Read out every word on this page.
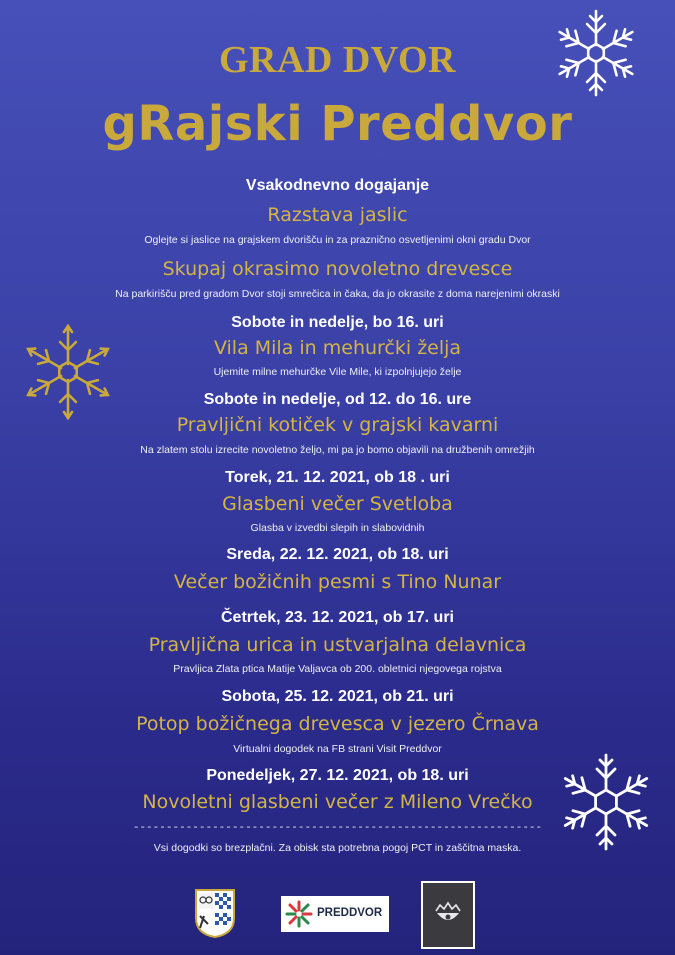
GRAD DVOR
gRajski Preddvor
Vsakodnevno dogajanje
Razstava jaslic
Oglejte si jaslice na grajskem dvorišču in za praznično osvetljenimi okni gradu Dvor
Skupaj okrasimo novoletno drevesce
Na parkirišču pred gradom Dvor stoji smrečica in čaka, da jo okrasite z doma narejenimi okraski
Sobote in nedelje, bo 16. uri
Vila Mila in mehurčki želja
Ujemite milne mehurčke Vile Mile, ki izpolnjujejo želje
Sobote in nedelje, od 12. do 16. ure
Pravljični kotiček v grajski kavarni
Na zlatem stolu izrecite novoletno željo, mi pa jo bomo objavili na družbenih omrežjih
Torek, 21. 12. 2021, ob 18 . uri
Glasbeni večer Svetloba
Glasba v izvedbi slepih in slabovidnih
Sreda, 22. 12. 2021, ob 18. uri
Večer božičnih pesmi s Tino Nunar
Četrtek, 23. 12. 2021, ob 17. uri
Pravljična urica in ustvarjalna delavnica
Pravljica Zlata ptica Matije Valjavca ob 200. obletnici njegovega rojstva
Sobota, 25. 12. 2021, ob 21. uri
Potop božičnega drevesca v jezero Črnava
Virtualni dogodek na FB strani Visit Preddvor
Ponedeljek, 27. 12. 2021, ob 18. uri
Novoletni glasbeni večer z Mileno Vrečko
--------------------------------------------------------------
Vsi dogodki so brezplačni. Za obisk sta potrebna pogoj PCT in zaščitna maska.
PREDDVOR
